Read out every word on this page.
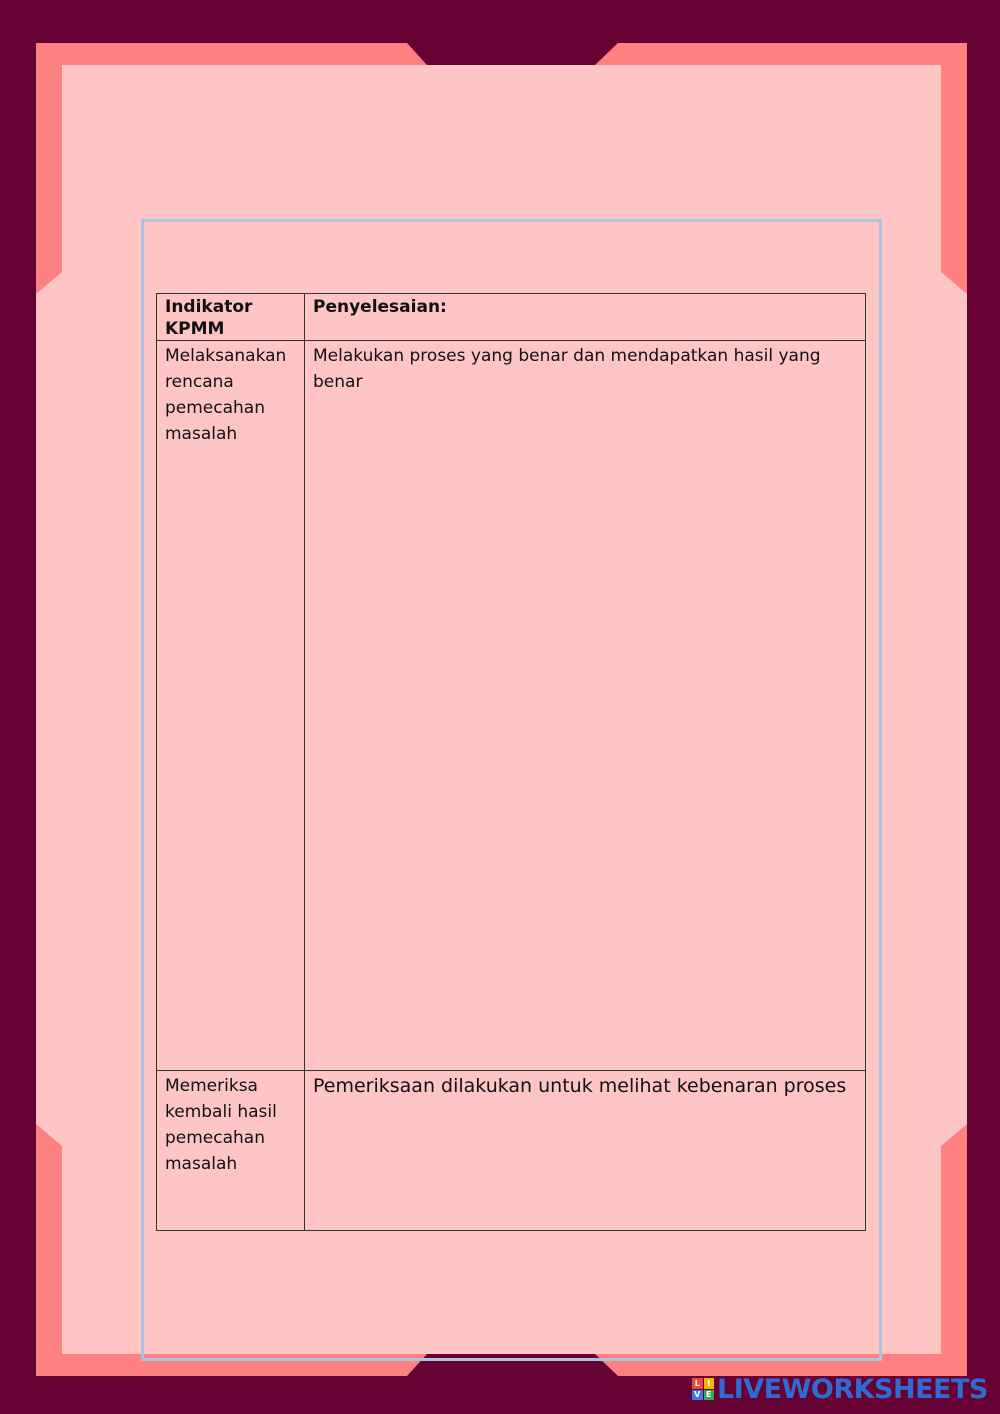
Indikator KPMM	Penyelesaian:
Melaksanakan rencana pemecahan masalah	Melakukan proses yang benar dan mendapatkan hasil yang benar
Memeriksa kembali hasil pemecahan masalah	Pemeriksaan dilakukan untuk melihat kebenaran proses
L I
V E LIVEWORKSHEETS
